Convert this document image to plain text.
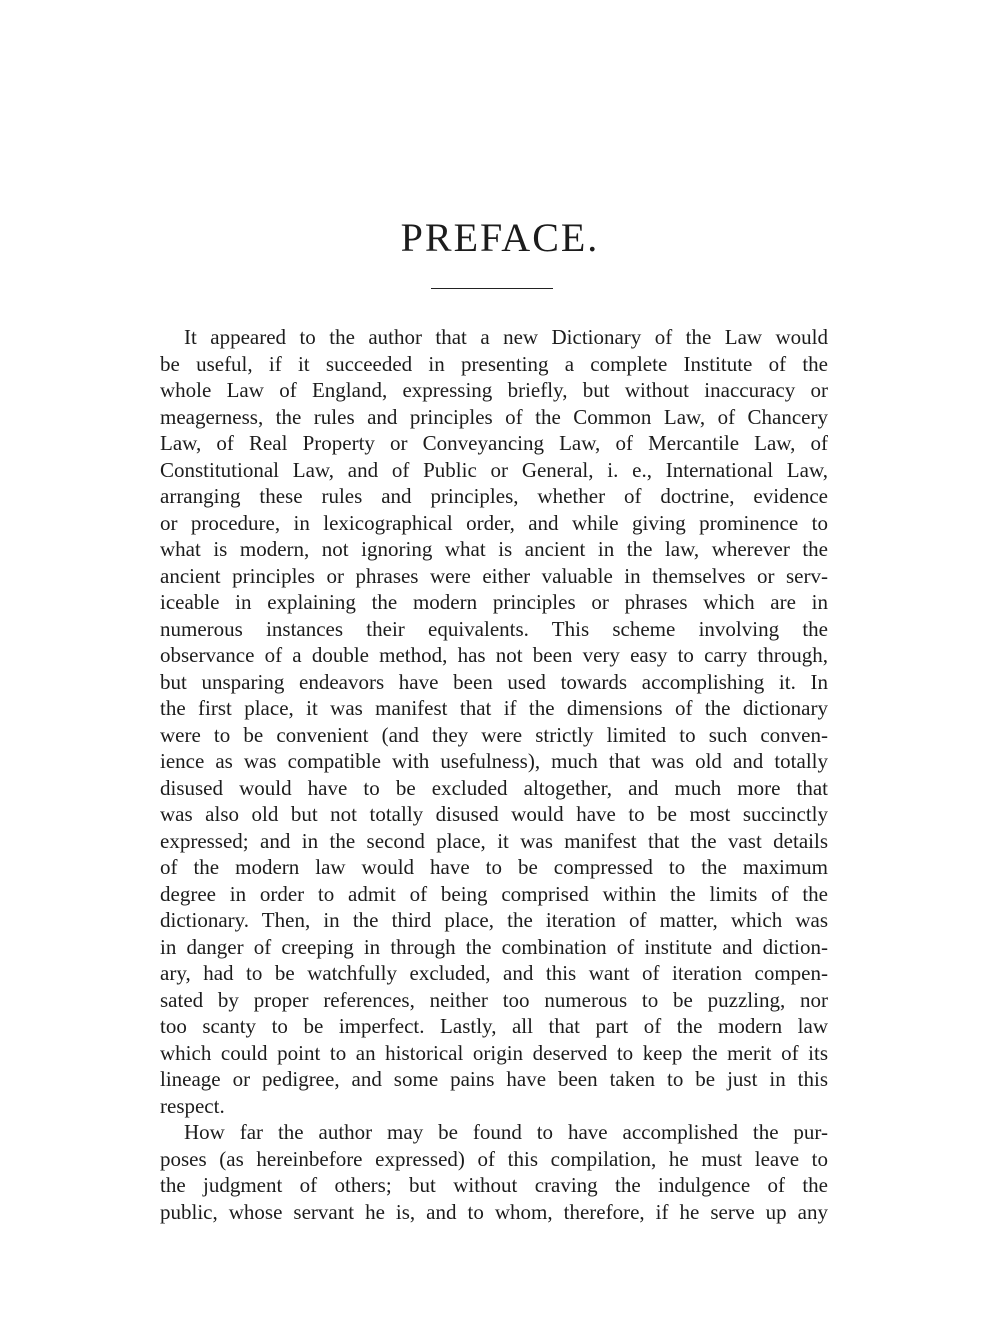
PREFACE.
It appeared to the author that a new Dictionary of the Law would
be useful, if it succeeded in presenting a complete Institute of the
whole Law of England, expressing briefly, but without inaccuracy or
meagerness, the rules and principles of the Common Law, of Chancery
Law, of Real Property or Conveyancing Law, of Mercantile Law, of
Constitutional Law, and of Public or General, i. e., International Law,
arranging these rules and principles, whether of doctrine, evidence
or procedure, in lexicographical order, and while giving prominence to
what is modern, not ignoring what is ancient in the law, wherever the
ancient principles or phrases were either valuable in themselves or serv-
iceable in explaining the modern principles or phrases which are in
numerous instances their equivalents. This scheme involving the
observance of a double method, has not been very easy to carry through,
but unsparing endeavors have been used towards accomplishing it. In
the first place, it was manifest that if the dimensions of the dictionary
were to be convenient (and they were strictly limited to such conven-
ience as was compatible with usefulness), much that was old and totally
disused would have to be excluded altogether, and much more that
was also old but not totally disused would have to be most succinctly
expressed; and in the second place, it was manifest that the vast details
of the modern law would have to be compressed to the maximum
degree in order to admit of being comprised within the limits of the
dictionary. Then, in the third place, the iteration of matter, which was
in danger of creeping in through the combination of institute and diction-
ary, had to be watchfully excluded, and this want of iteration compen-
sated by proper references, neither too numerous to be puzzling, nor
too scanty to be imperfect. Lastly, all that part of the modern law
which could point to an historical origin deserved to keep the merit of its
lineage or pedigree, and some pains have been taken to be just in this
respect.
How far the author may be found to have accomplished the pur-
poses (as hereinbefore expressed) of this compilation, he must leave to
the judgment of others; but without craving the indulgence of the
public, whose servant he is, and to whom, therefore, if he serve up any
